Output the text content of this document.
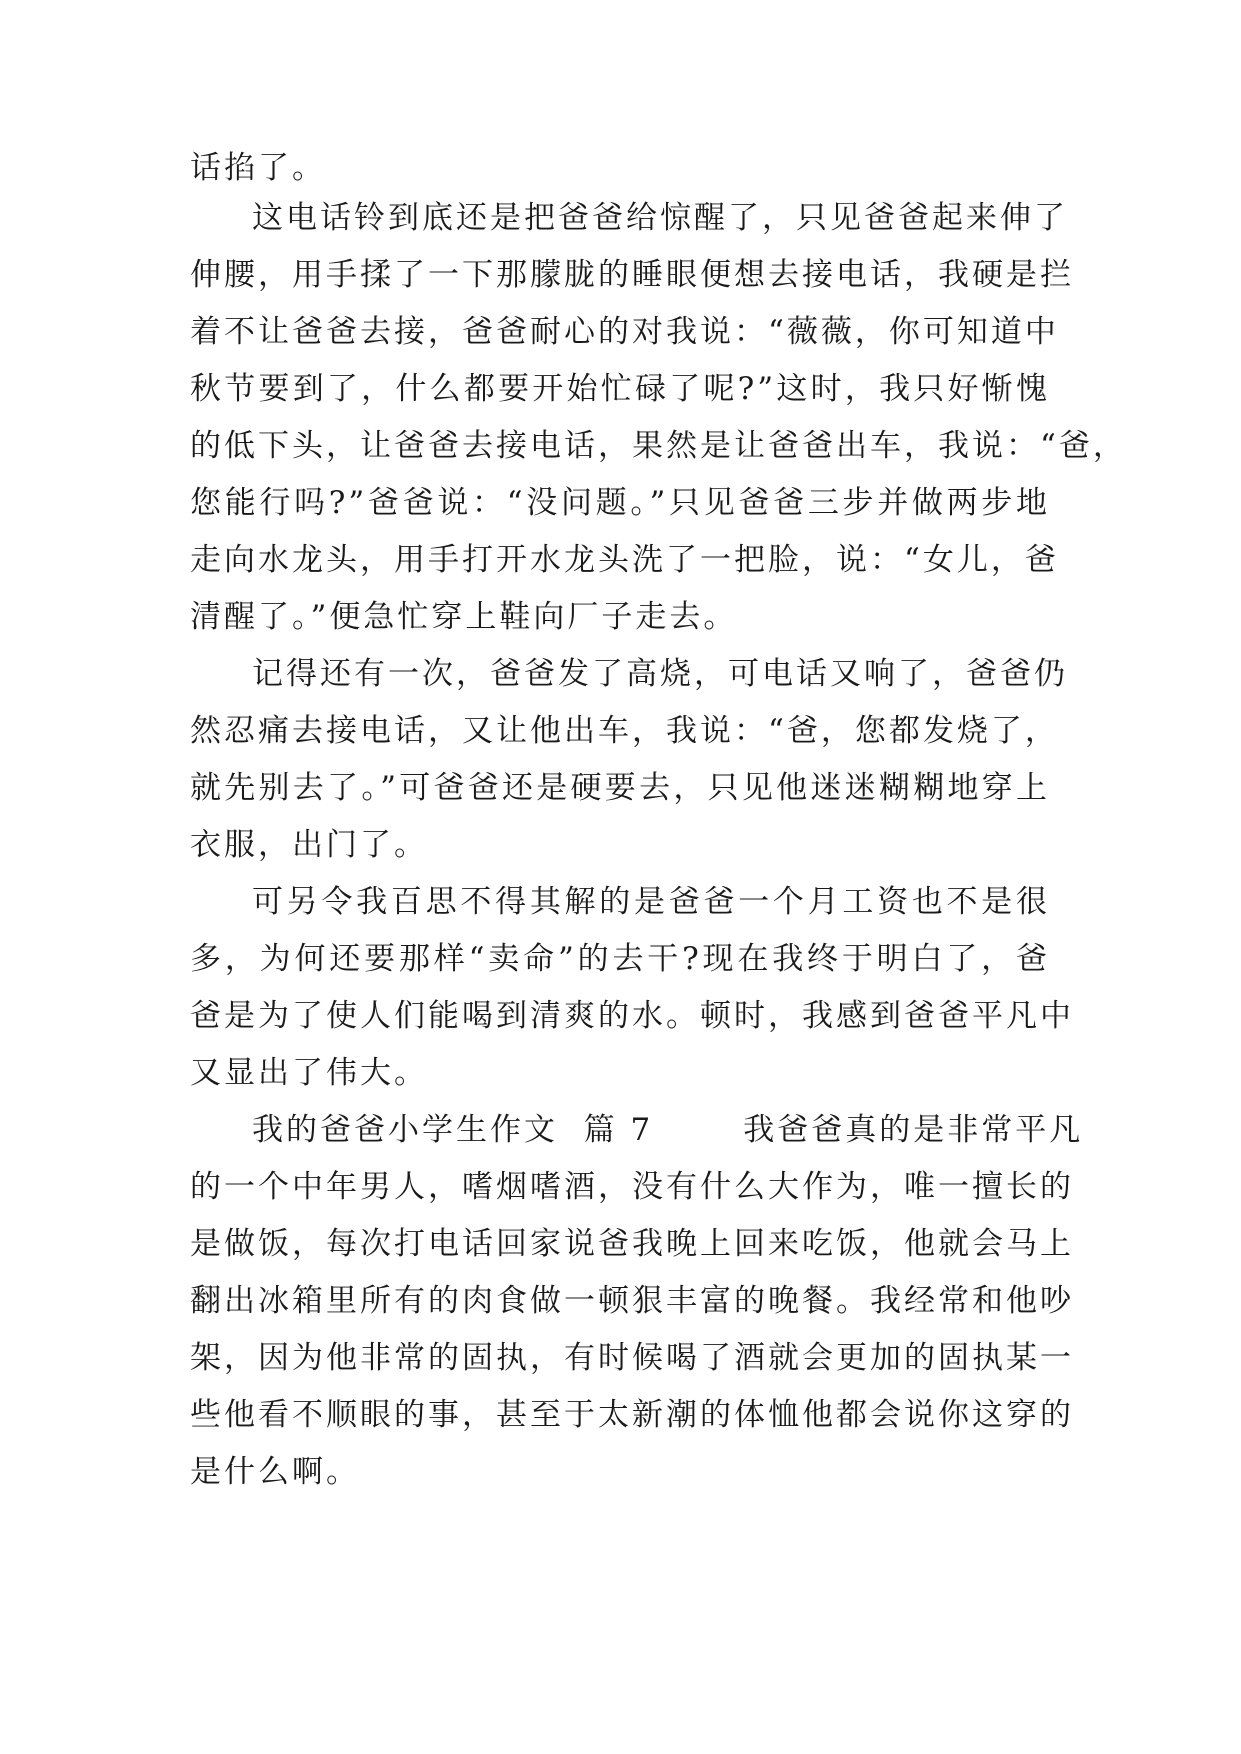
话掐了。
这电话铃到底还是把爸爸给惊醒了，只见爸爸起来伸了
伸腰，用手揉了一下那朦胧的睡眼便想去接电话，我硬是拦
着不让爸爸去接，爸爸耐心的对我说：“薇薇，你可知道中
秋节要到了，什么都要开始忙碌了呢?”这时，我只好惭愧
的低下头，让爸爸去接电话，果然是让爸爸出车，我说：“爸，
您能行吗?”爸爸说：“没问题。”只见爸爸三步并做两步地
走向水龙头，用手打开水龙头洗了一把脸，说：“女儿，爸
清醒了。”便急忙穿上鞋向厂子走去。
记得还有一次，爸爸发了高烧，可电话又响了，爸爸仍
然忍痛去接电话，又让他出车，我说：“爸，您都发烧了，
就先别去了。”可爸爸还是硬要去，只见他迷迷糊糊地穿上
衣服，出门了。
可另令我百思不得其解的是爸爸一个月工资也不是很
多，为何还要那样“卖命”的去干?现在我终于明白了，爸
爸是为了使人们能喝到清爽的水。顿时，我感到爸爸平凡中
又显出了伟大。
我的爸爸小学生作文  篇 7       我爸爸真的是非常平凡
的一个中年男人，嗜烟嗜酒，没有什么大作为，唯一擅长的
是做饭，每次打电话回家说爸我晚上回来吃饭，他就会马上
翻出冰箱里所有的肉食做一顿狠丰富的晚餐。我经常和他吵
架，因为他非常的固执，有时候喝了酒就会更加的固执某一
些他看不顺眼的事，甚至于太新潮的体恤他都会说你这穿的
是什么啊。
